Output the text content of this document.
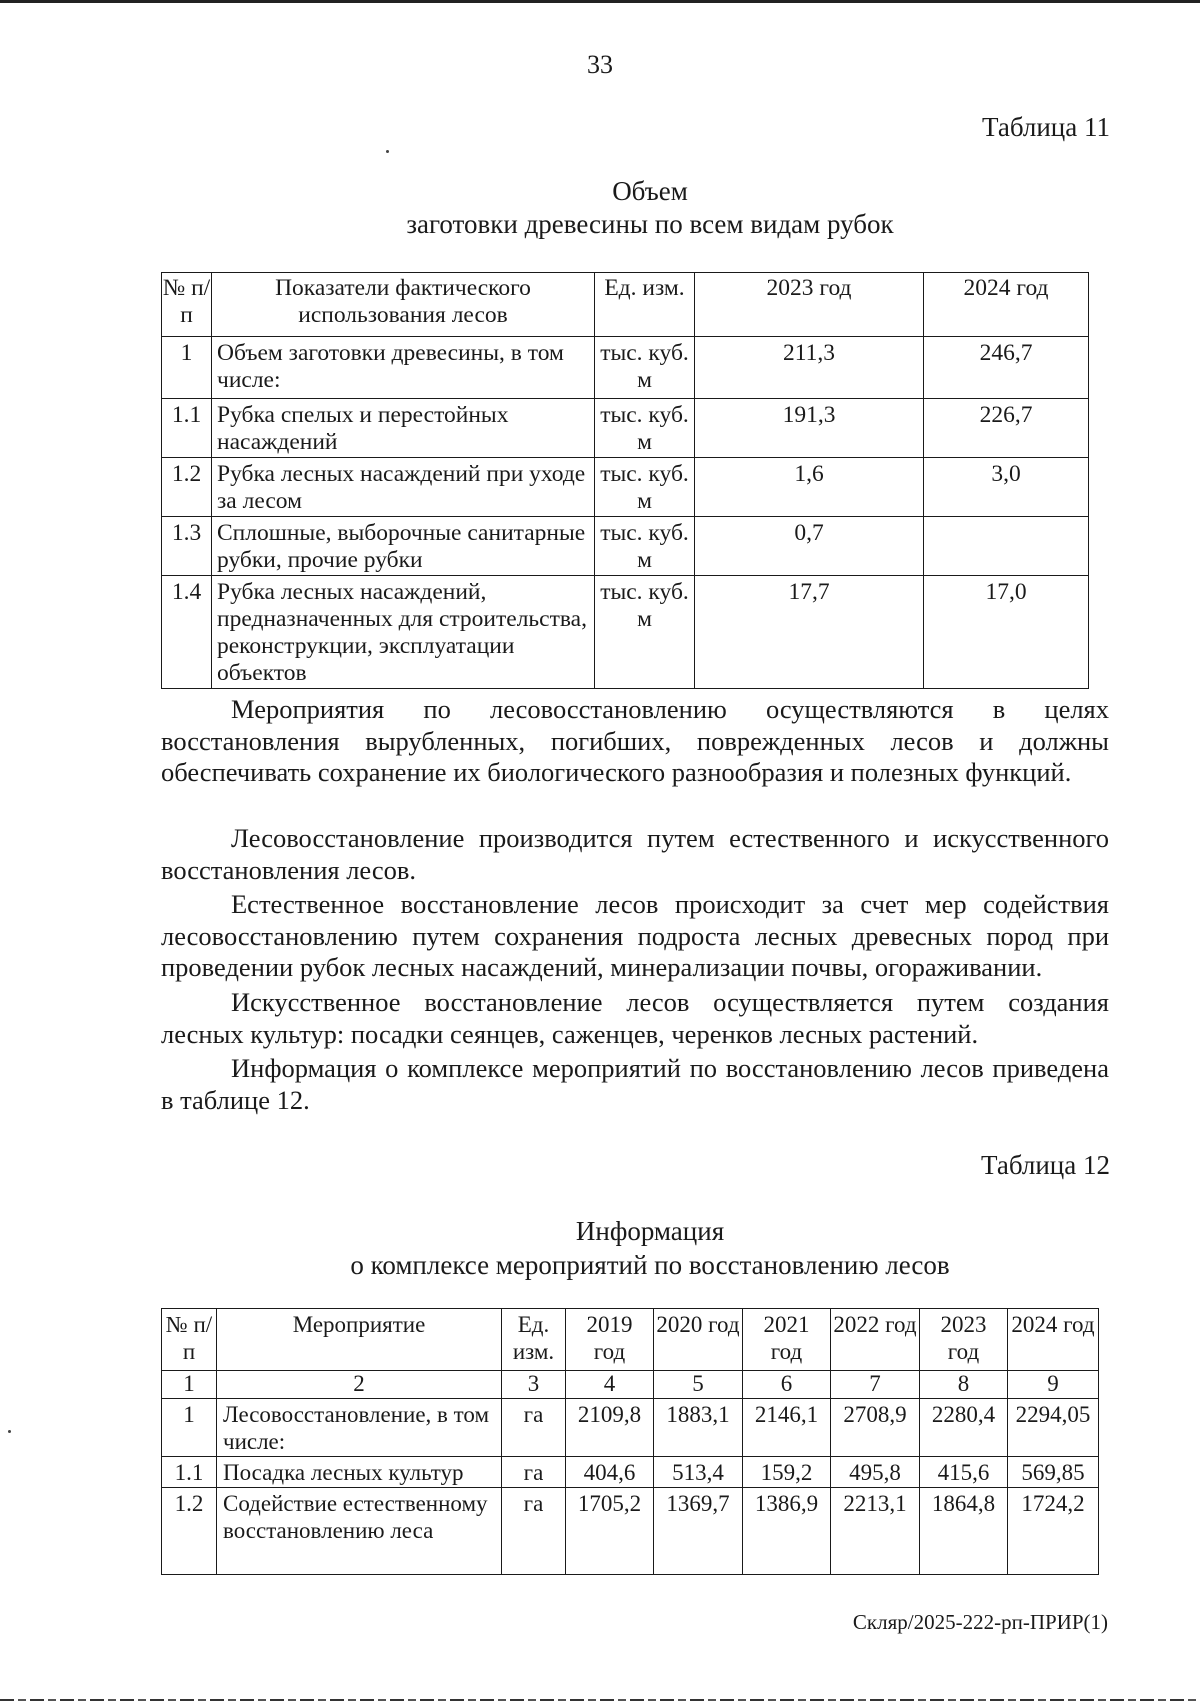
33
Таблица 11
Объем
заготовки древесины по всем видам рубок
№ п/п	Показатели фактического использования лесов	Ед. изм.	2023 год	2024 год
1	Объем заготовки древесины, в том числе:	тыс. куб. м	211,3	246,7
1.1	Рубка спелых и перестойных насаждений	тыс. куб. м	191,3	226,7
1.2	Рубка лесных насаждений при уходе за лесом	тыс. куб. м	1,6	3,0
1.3	Сплошные, выборочные санитарные рубки, прочие рубки	тыс. куб. м	0,7	
1.4	Рубка лесных насаждений, предназначенных для строительства, реконструкции, эксплуатации объектов	тыс. куб. м	17,7	17,0
Мероприятия по лесовосстановлению осуществляются в целях восстановления вырубленных, погибших, поврежденных лесов и должны обеспечивать сохранение их биологического разнообразия и полезных функций.
Лесовосстановление производится путем естественного и искусственного восстановления лесов.
Естественное восстановление лесов происходит за счет мер содействия лесовосстановлению путем сохранения подроста лесных древесных пород при проведении рубок лесных насаждений, минерализации почвы, огораживании.
Искусственное восстановление лесов осуществляется путем создания лесных культур: посадки сеянцев, саженцев, черенков лесных растений.
Информация о комплексе мероприятий по восстановлению лесов приведена в таблице 12.
Таблица 12
Информация
о комплексе мероприятий по восстановлению лесов
№ п/п	Мероприятие	Ед. изм.	2019 год	2020 год	2021 год	2022 год	2023 год	2024 год
1	2	3	4	5	6	7	8	9
1	Лесовосстановление, в том числе:	га	2109,8	1883,1	2146,1	2708,9	2280,4	2294,05
1.1	Посадка лесных культур	га	404,6	513,4	159,2	495,8	415,6	569,85
1.2	Содействие естественному восстановлению леса	га	1705,2	1369,7	1386,9	2213,1	1864,8	1724,2
Скляр/2025-222-рп-ПРИР(1)
